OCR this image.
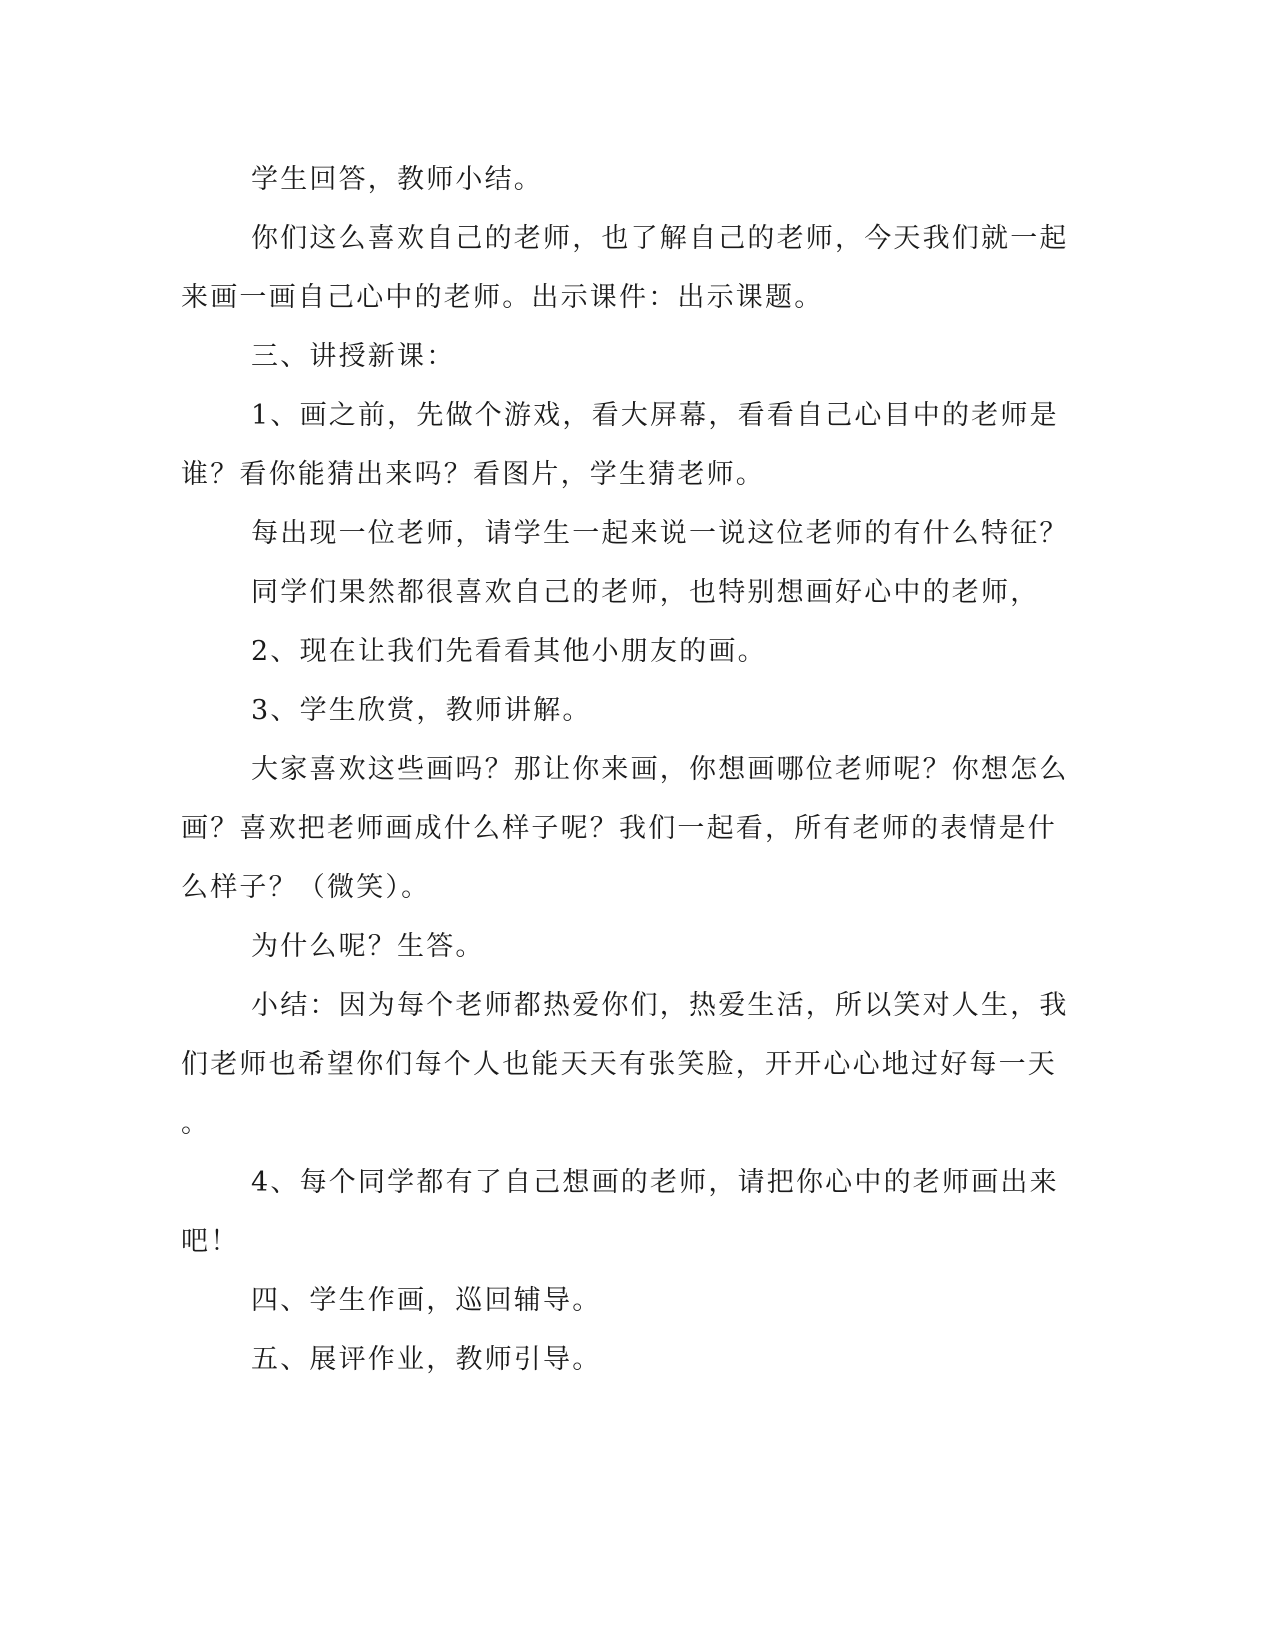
学生回答，教师小结。
你们这么喜欢自己的老师，也了解自己的老师，今天我们就一起
来画一画自己心中的老师。出示课件：出示课题。
三、讲授新课：
1、画之前，先做个游戏，看大屏幕，看看自己心目中的老师是
谁？看你能猜出来吗？看图片，学生猜老师。
每出现一位老师，请学生一起来说一说这位老师的有什么特征？
同学们果然都很喜欢自己的老师，也特别想画好心中的老师，
2、现在让我们先看看其他小朋友的画。
3、学生欣赏，教师讲解。
大家喜欢这些画吗？那让你来画，你想画哪位老师呢？你想怎么
画？喜欢把老师画成什么样子呢？我们一起看，所有老师的表情是什
么样子？（微笑）。
为什么呢？生答。
小结：因为每个老师都热爱你们，热爱生活，所以笑对人生，我
们老师也希望你们每个人也能天天有张笑脸，开开心心地过好每一天
。
4、每个同学都有了自己想画的老师，请把你心中的老师画出来
吧！
四、学生作画，巡回辅导。
五、展评作业，教师引导。
